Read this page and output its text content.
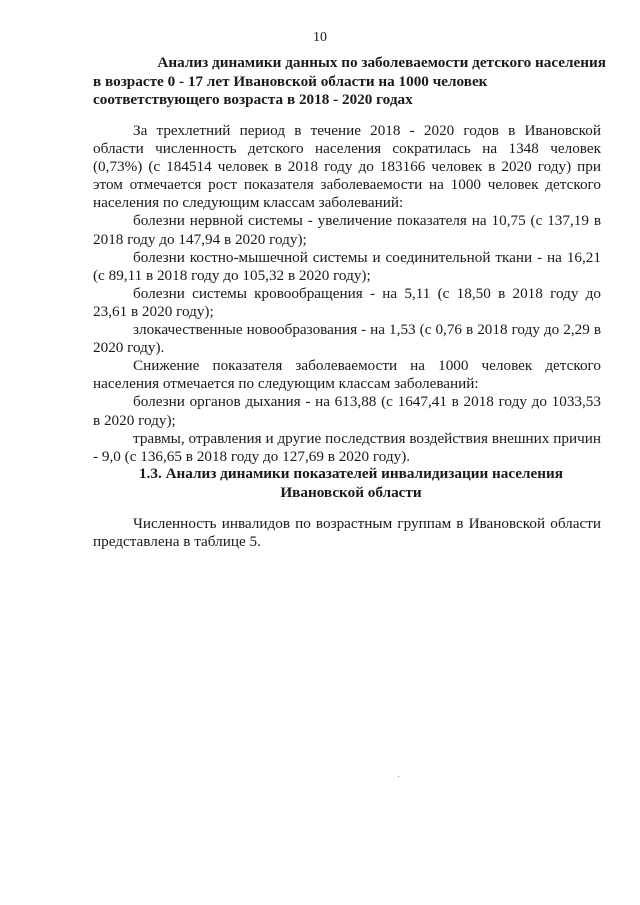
10
Анализ динамики данных по заболеваемости детского населения
в возрасте 0 - 17 лет Ивановской области на 1000 человек
соответствующего возраста в 2018 - 2020 годах

За трехлетний период в течение 2018 - 2020 годов в Ивановской области численность детского населения сократилась на 1348 человек (0,73%) (с 184514 человек в 2018 году до 183166 человек в 2020 году) при этом отмечается рост показателя заболеваемости на 1000 человек детского населения по следующим классам заболеваний:

болезни нервной системы - увеличение показателя на 10,75 (с 137,19 в 2018 году до 147,94 в 2020 году);

болезни костно-мышечной системы и соединительной ткани - на 16,21 (с 89,11 в 2018 году до 105,32 в 2020 году);

болезни системы кровообращения - на 5,11 (с 18,50 в 2018 году до 23,61 в 2020 году);

злокачественные новообразования - на 1,53 (с 0,76 в 2018 году до 2,29 в 2020 году).

Снижение показателя заболеваемости на 1000 человек детского населения отмечается по следующим классам заболеваний:

болезни органов дыхания - на 613,88 (с 1647,41 в 2018 году до 1033,53 в 2020 году);

травмы, отравления и другие последствия воздействия внешних причин - 9,0 (с 136,65 в 2018 году до 127,69 в 2020 году).

1.3. Анализ динамики показателей инвалидизации населения
Ивановской области

Численность инвалидов по возрастным группам в Ивановской области представлена в таблице 5.
